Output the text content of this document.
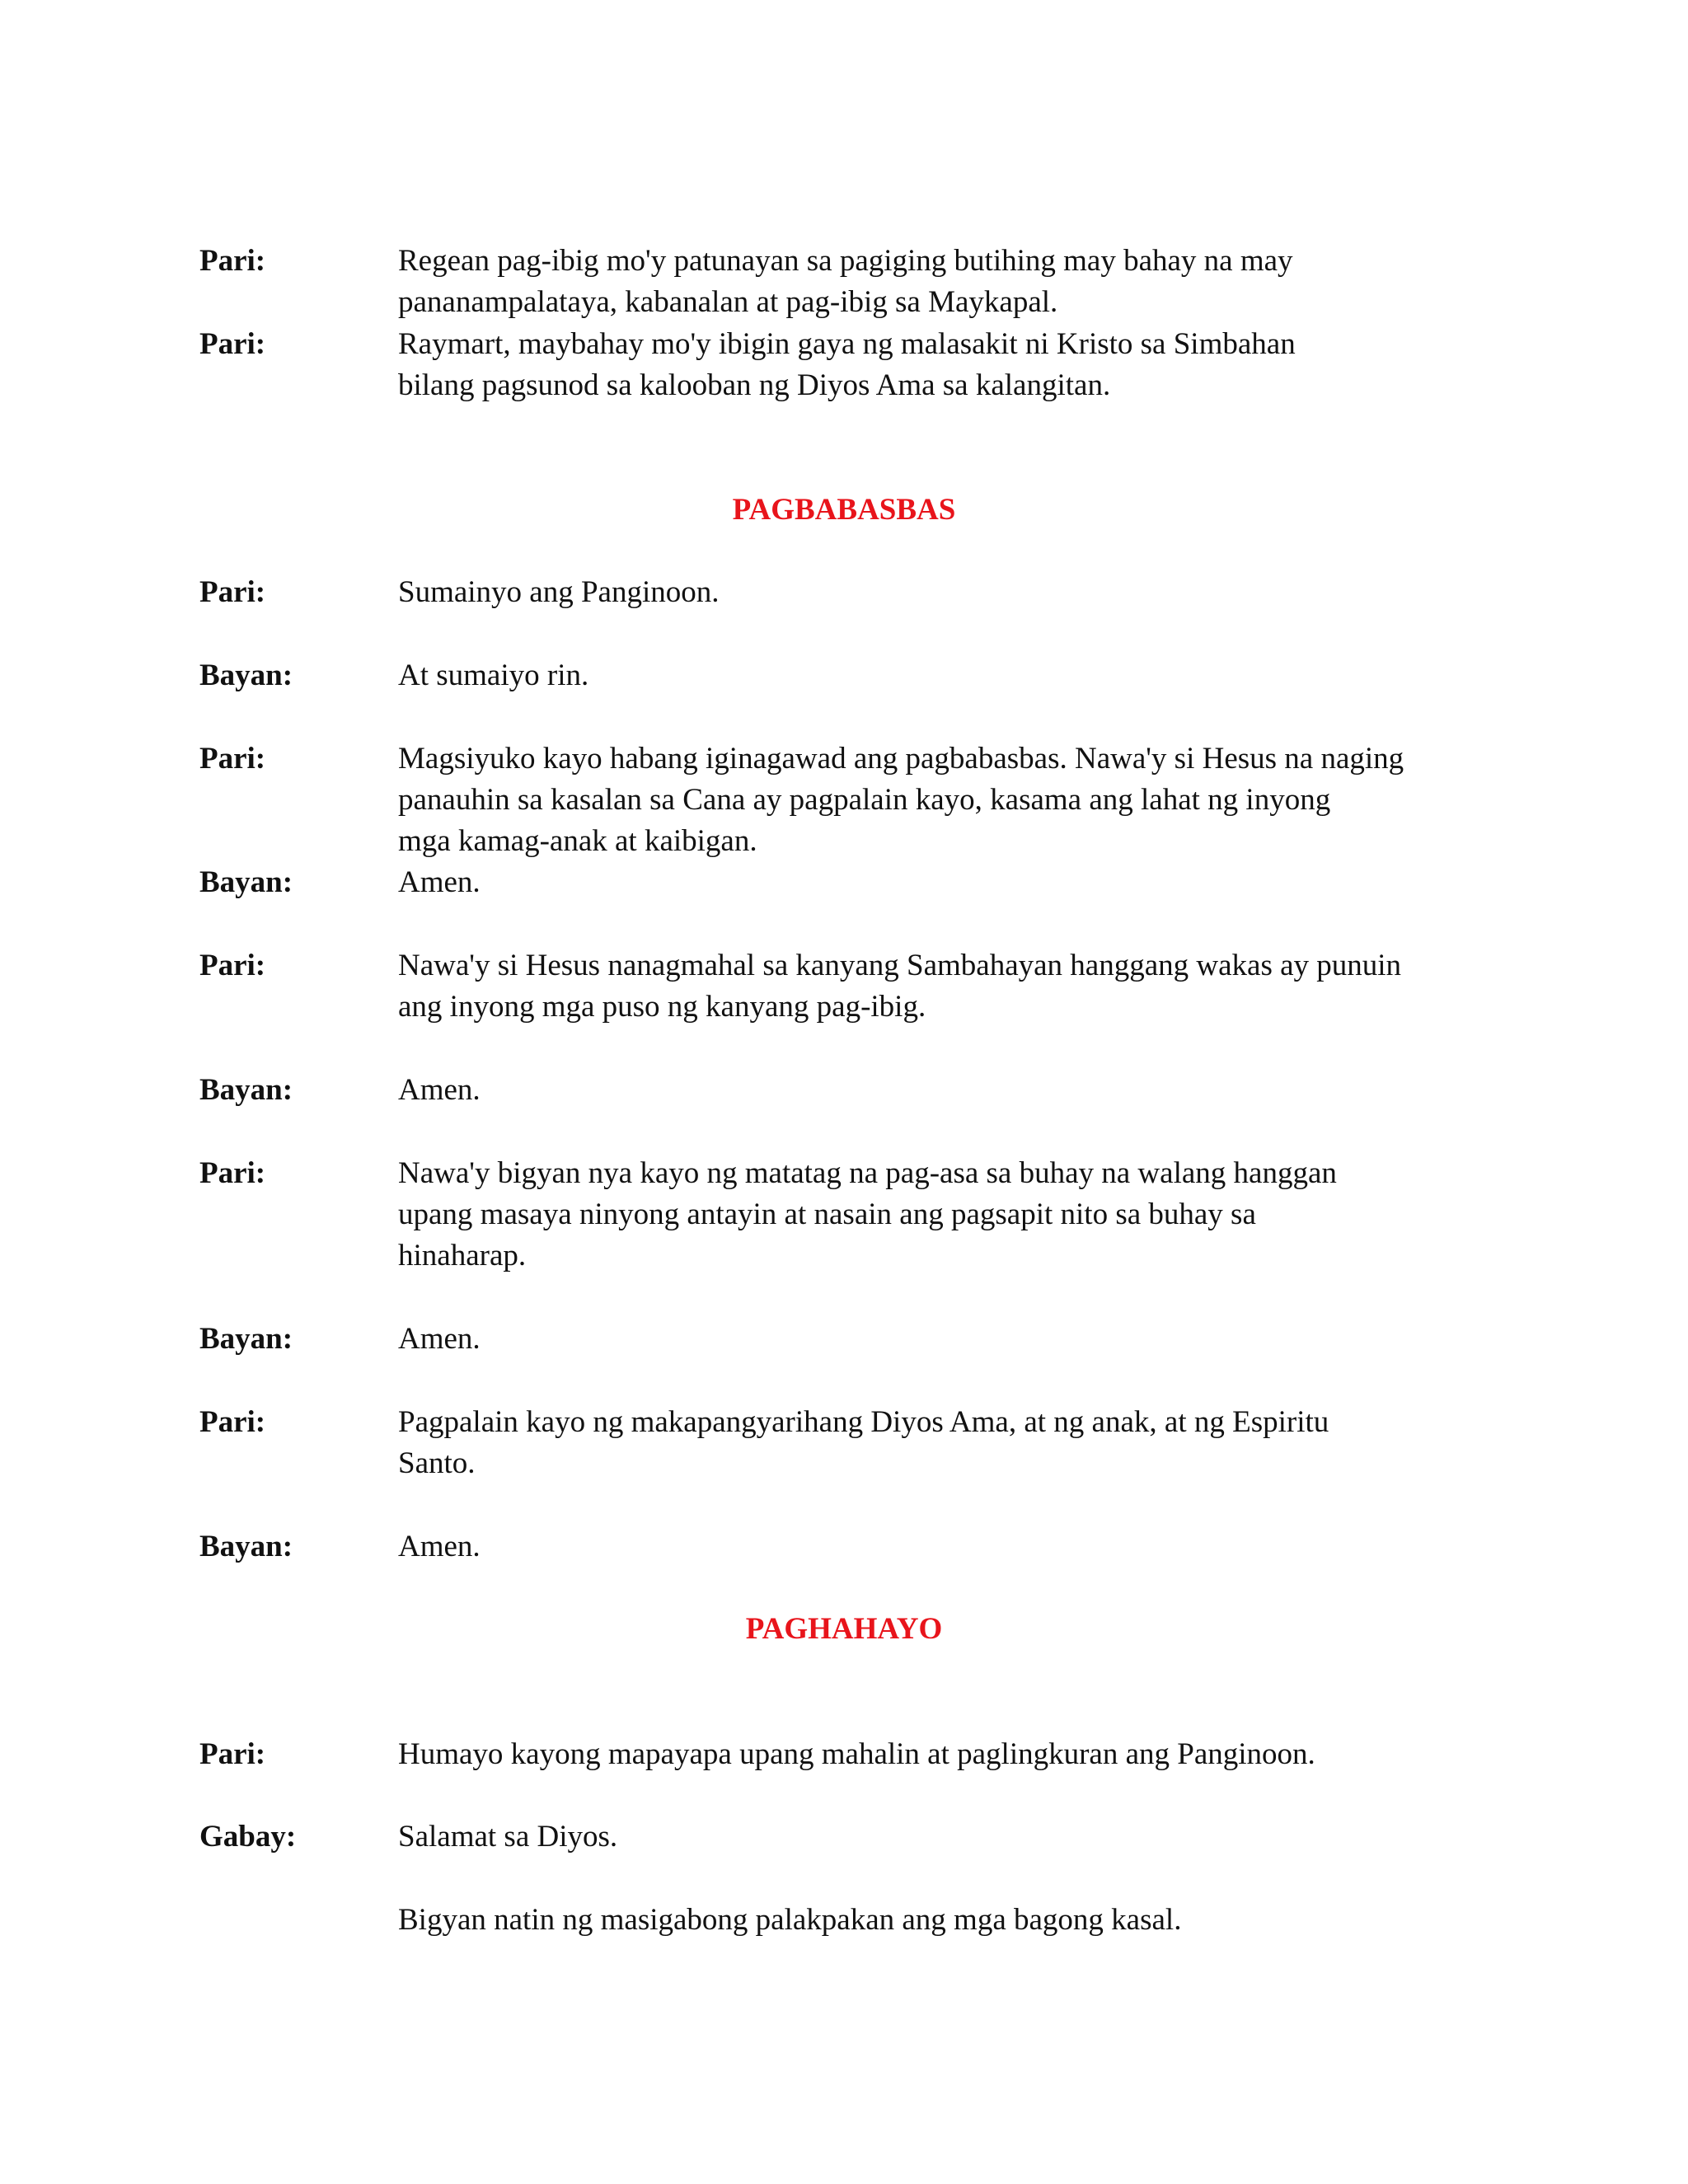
Pari:	Regean pag-ibig mo'y patunayan sa pagiging butihing may bahay na may
pananampalataya, kabanalan at pag-ibig sa Maykapal.
Pari:	Raymart, maybahay mo'y ibigin gaya ng malasakit ni Kristo sa Simbahan
bilang pagsunod sa kalooban ng Diyos Ama sa kalangitan.
PAGBABASBAS
Pari:	Sumainyo ang Panginoon.
Bayan:	At sumaiyo rin.
Pari:	Magsiyuko kayo habang iginagawad ang pagbabasbas. Nawa'y si Hesus na naging
panauhin sa kasalan sa Cana ay pagpalain kayo, kasama ang lahat ng inyong
mga kamag-anak at kaibigan.
Bayan:	Amen.
Pari:	Nawa'y si Hesus nanagmahal sa kanyang Sambahayan hanggang wakas ay punuin
ang inyong mga puso ng kanyang pag-ibig.
Bayan:	Amen.
Pari:	Nawa'y bigyan nya kayo ng matatag na pag-asa sa buhay na walang hanggan
upang masaya ninyong antayin at nasain ang pagsapit nito sa buhay sa
hinaharap.
Bayan:	Amen.
Pari:	Pagpalain kayo ng makapangyarihang Diyos Ama, at ng anak, at ng Espiritu
Santo.
Bayan:	Amen.
PAGHAHAYO
Pari:	Humayo kayong mapayapa upang mahalin at paglingkuran ang Panginoon.
Gabay:	Salamat sa Diyos.
Bigyan natin ng masigabong palakpakan ang mga bagong kasal.
